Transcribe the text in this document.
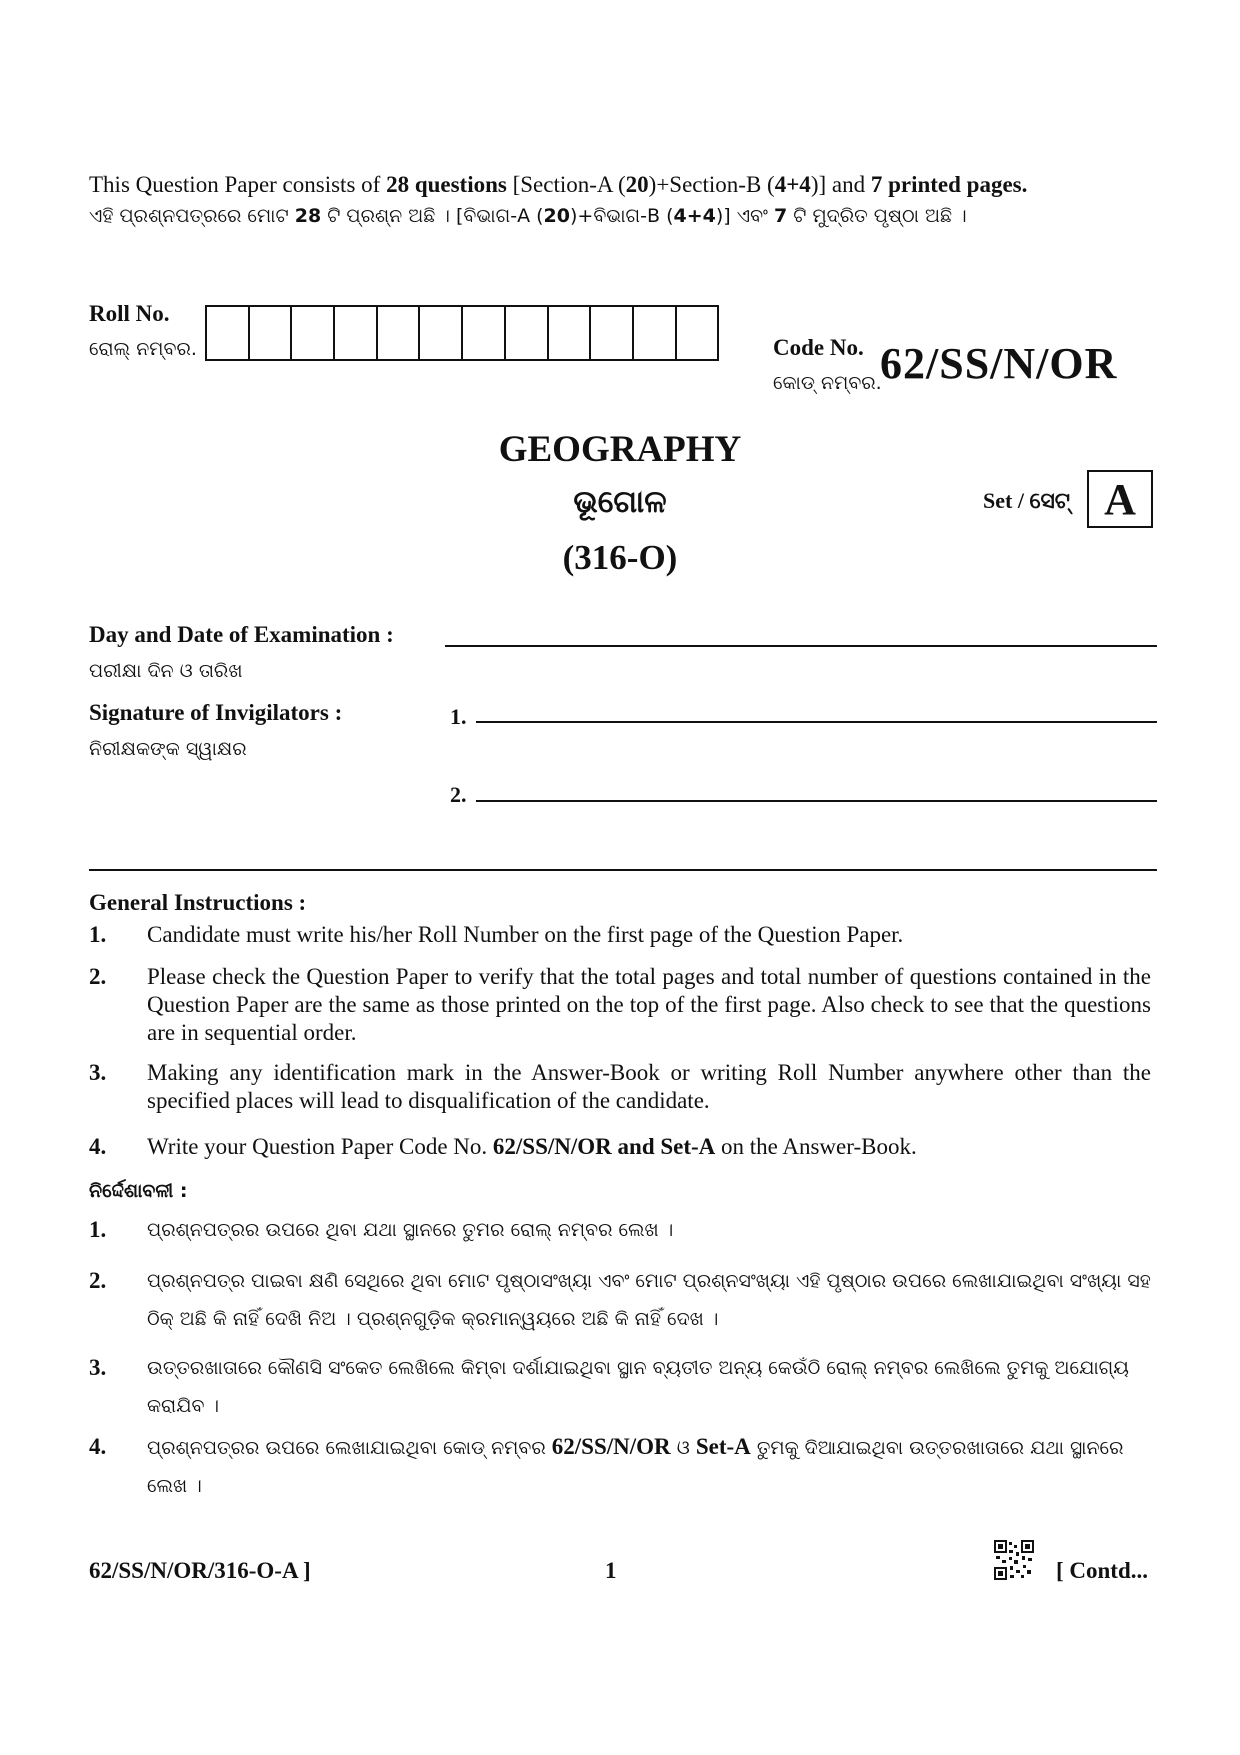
This Question Paper consists of 28 questions [Section-A (20)+Section-B (4+4)] and 7 printed pages.
ଏହି ପ୍ରଶ୍ନପତ୍ରରେ ମୋଟ 28 ଟି ପ୍ରଶ୍ନ ଅଛି । [ବିଭାଗ-A (20)+ବିଭାଗ-B (4+4)] ଏବଂ 7 ଟି ମୁଦ୍ରିତ ପୃଷ୍ଠା ଅଛି ।
Roll No.
ରୋଲ୍ ନମ୍ବର.	Code No.
କୋଡ୍ ନମ୍ବର.
62/SS/N/OR
GEOGRAPHY
ଭୂଗୋଳ
(316-O)
Set / ସେଟ୍ A
Day and Date of Examination :
ପରୀକ୍ଷା ଦିନ ଓ ତାରିଖ
Signature of Invigilators :
ନିରୀକ୍ଷକଙ୍କ ସ୍ୱାକ୍ଷର
1.
2.
General Instructions :
1.	Candidate must write his/her Roll Number on the first page of the Question Paper.
2.	Please check the Question Paper to verify that the total pages and total number of questions contained in the Question Paper are the same as those printed on the top of the first page. Also check to see that the questions are in sequential order.
3.	Making any identification mark in the Answer-Book or writing Roll Number anywhere other than the specified places will lead to disqualification of the candidate.
4.	Write your Question Paper Code No. 62/SS/N/OR and Set-A on the Answer-Book.
ନିର୍ଦ୍ଦେଶାବଳୀ :
1.	ପ୍ରଶ୍ନପତ୍ରର ଉପରେ ଥିବା ଯଥା ସ୍ଥାନରେ ତୁମର ରୋଲ୍ ନମ୍ବର ଲେଖ ।
2.	ପ୍ରଶ୍ନପତ୍ର ପାଇବା କ୍ଷଣି ସେଥିରେ ଥିବା ମୋଟ ପୃଷ୍ଠାସଂଖ୍ୟା ଏବଂ ମୋଟ ପ୍ରଶ୍ନସଂଖ୍ୟା ଏହି ପୃଷ୍ଠାର ଉପରେ ଲେଖାଯାଇଥିବା ସଂଖ୍ୟା ସହ ଠିକ୍ ଅଛି କି ନାହିଁ ଦେଖି ନିଅ । ପ୍ରଶ୍ନଗୁଡ଼ିକ କ୍ରମାନ୍ୱୟରେ ଅଛି କି ନାହିଁ ଦେଖ ।
3.	ଉତ୍ତରଖାତାରେ କୌଣସି ସଂକେତ ଲେଖିଲେ କିମ୍ବା ଦର୍ଶାଯାଇଥିବା ସ୍ଥାନ ବ୍ୟତୀତ ଅନ୍ୟ କେଉଁଠି ରୋଲ୍ ନମ୍ବର ଲେଖିଲେ ତୁମକୁ ଅଯୋଗ୍ୟ କରାଯିବ ।
4.	ପ୍ରଶ୍ନପତ୍ରର ଉପରେ ଲେଖାଯାଇଥିବା କୋଡ୍ ନମ୍ବର 62/SS/N/OR ଓ Set-A ତୁମକୁ ଦିଆଯାଇଥିବା ଉତ୍ତରଖାତାରେ ଯଥା ସ୍ଥାନରେ ଲେଖ ।
62/SS/N/OR/316-O-A ]	1	[ Contd...
